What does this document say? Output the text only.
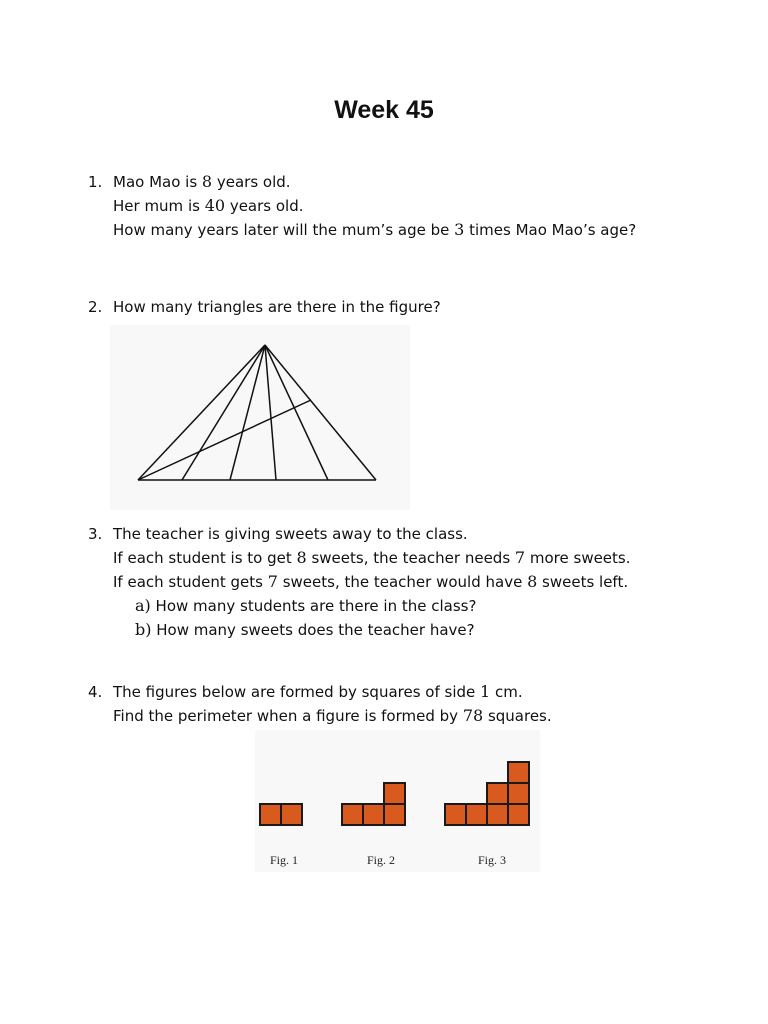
Week 45
1. Mao Mao is 8 years old.
Her mum is 40 years old.
How many years later will the mum’s age be 3 times Mao Mao’s age?
2. How many triangles are there in the figure?
3. The teacher is giving sweets away to the class.
If each student is to get 8 sweets, the teacher needs 7 more sweets.
If each student gets 7 sweets, the teacher would have 8 sweets left.
a) How many students are there in the class?
b) How many sweets does the teacher have?
4. The figures below are formed by squares of side 1 cm.
Find the perimeter when a figure is formed by 78 squares.
Fig. 1	Fig. 2	Fig. 3
